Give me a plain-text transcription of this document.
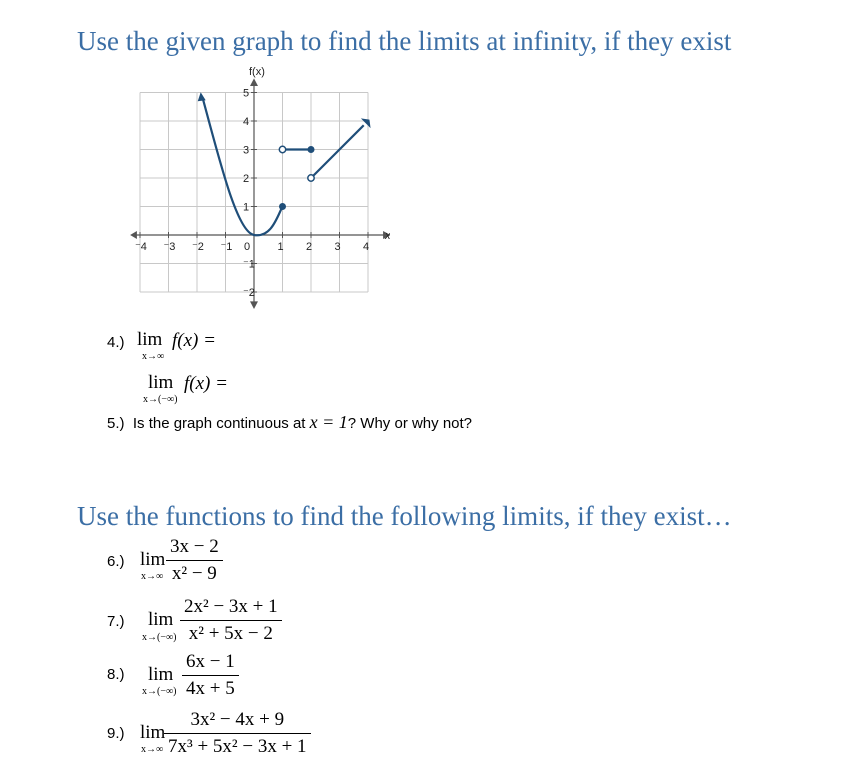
Use the given graph to find the limits at infinity, if they exist
⁻4 ⁻3 ⁻2 ⁻1 0 1 2 3 4
5
4
3
2
1
⁻1
⁻2
f(x)
x
4.) lim
x→∞
f(x) =
lim
x→(−∞)
f(x) =
5.) Is the graph continuous at x = 1? Why or why not?
Use the functions to find the following limits, if they exist…
6.) lim
$x\to\infty \frac{3x - 2}{\text{x² − 9}}$
7.) lim
$x\to(-\infty) \frac{\text{2x² − 3x + 1}}{\text{x² + 5x − 2}}$
8.) lim
$x\to(-\infty) \frac{6x - 1}{4x + 5}$
9.) lim
$x\to\infty \frac{\text{3x² − 4x + 9}}{\text{7x³ + 5x² − 3x + 1}}$
